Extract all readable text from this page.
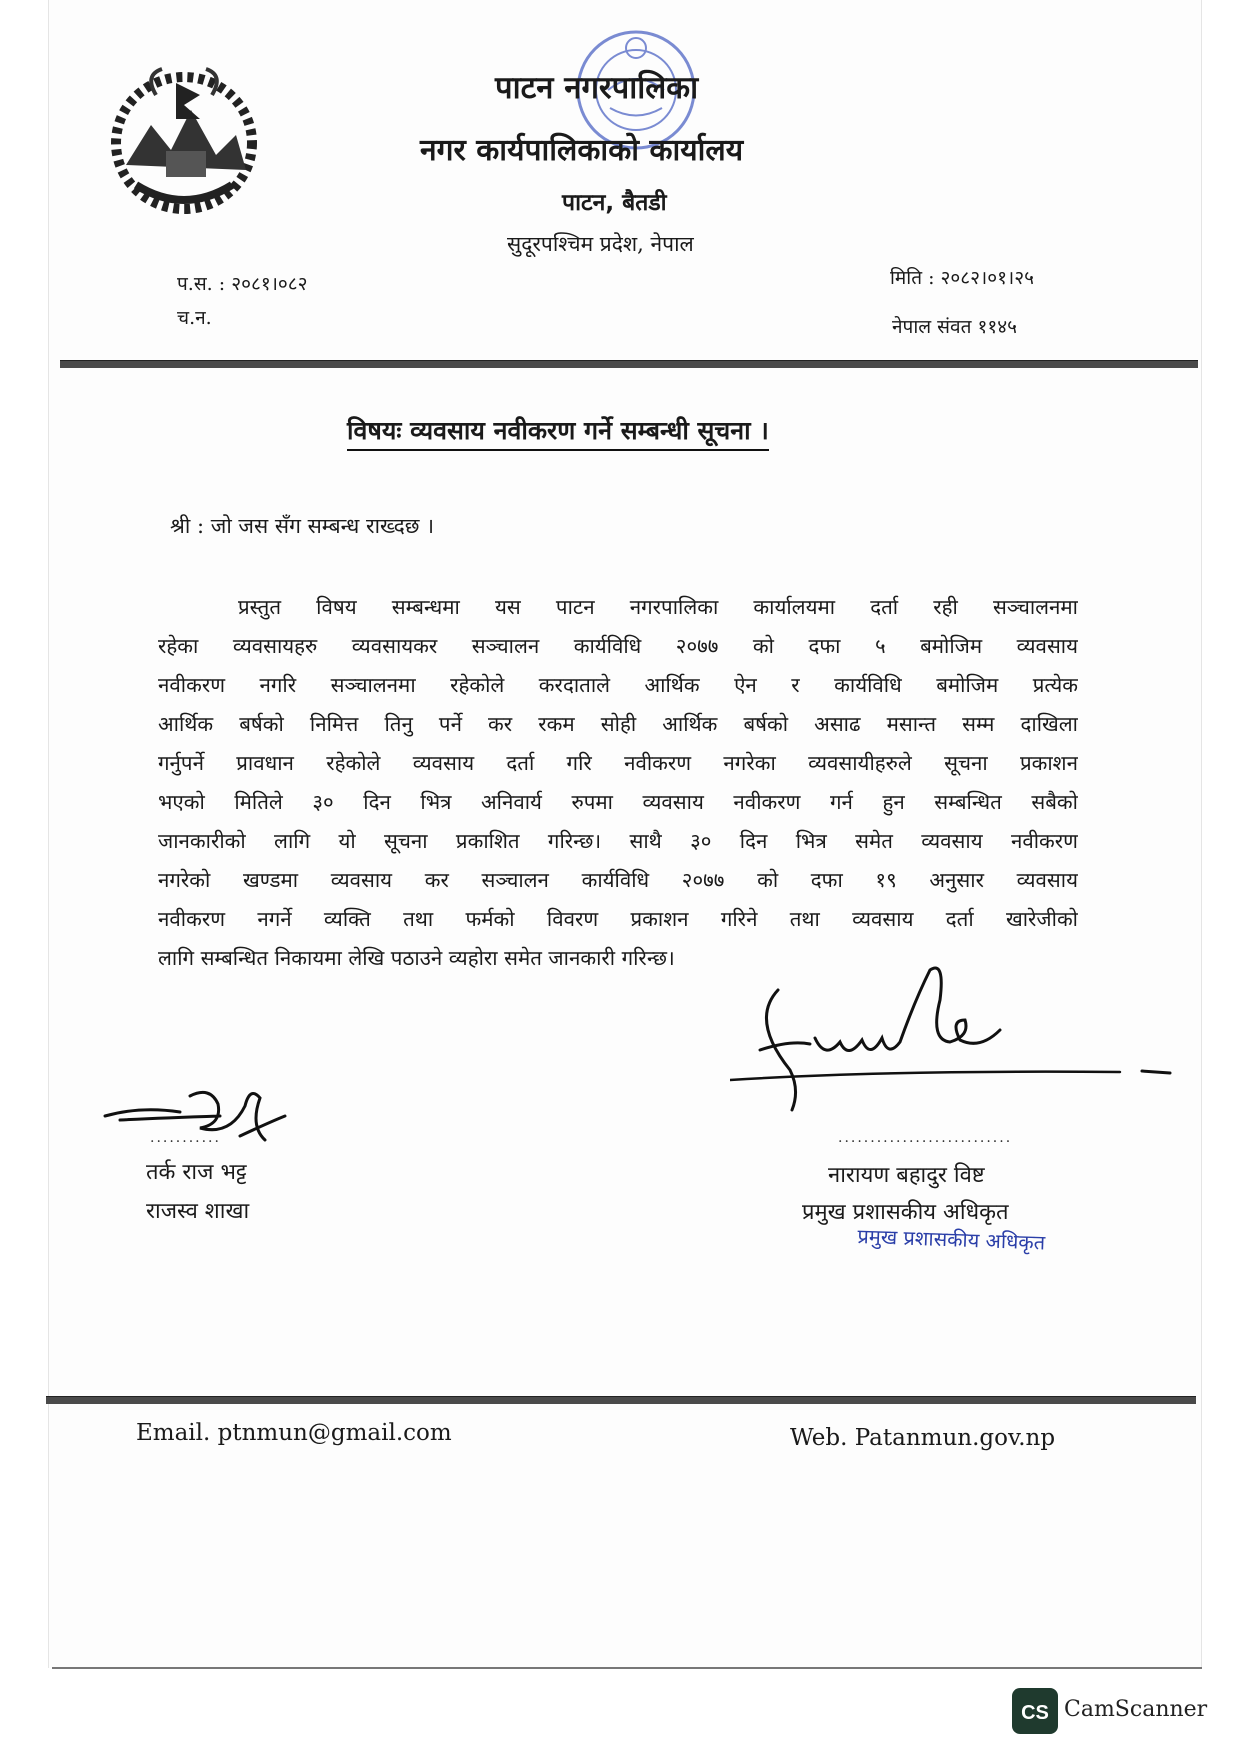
पाटन नगरपालिका
नगर कार्यपालिकाको कार्यालय
पाटन, बैतडी
सुदूरपश्चिम प्रदेश, नेपाल
प.स. : २०८१।०८२
च.न.
मिति : २०८२।०१।२५
नेपाल संवत ११४५
विषयः व्यवसाय नवीकरण गर्ने सम्बन्धी सूचना ।
श्री : जो जस सँग सम्बन्ध राख्दछ ।
प्रस्तुत विषय सम्बन्धमा यस पाटन नगरपालिका कार्यालयमा दर्ता रही सञ्चालनमा
रहेका व्यवसायहरु व्यवसायकर सञ्चालन कार्यविधि २०७७ को दफा ५ बमोजिम व्यवसाय
नवीकरण नगरि सञ्चालनमा रहेकोले करदाताले आर्थिक ऐन र कार्यविधि बमोजिम प्रत्येक
आर्थिक बर्षको निमित्त तिनु पर्ने कर रकम सोही आर्थिक बर्षको असाढ मसान्त सम्म दाखिला
गर्नुपर्ने प्रावधान रहेकोले व्यवसाय दर्ता गरि नवीकरण नगरेका व्यवसायीहरुले सूचना प्रकाशन
भएको मितिले ३० दिन भित्र अनिवार्य रुपमा व्यवसाय नवीकरण गर्न हुन सम्बन्धित सबैको
जानकारीको लागि यो सूचना प्रकाशित गरिन्छ। साथै ३० दिन भित्र समेत व्यवसाय नवीकरण
नगरेको खण्डमा व्यवसाय कर सञ्चालन कार्यविधि २०७७ को दफा १९ अनुसार व्यवसाय
नवीकरण नगर्ने व्यक्ति तथा फर्मको विवरण प्रकाशन गरिने तथा व्यवसाय दर्ता खारेजीको
लागि सम्बन्धित निकायमा लेखि पठाउने व्यहोरा समेत जानकारी गरिन्छ।
...........	...........................
तर्क राज भट्ट
राजस्व शाखा
नारायण बहादुर विष्ट
प्रमुख प्रशासकीय अधिकृत
प्रमुख प्रशासकीय अधिकृत
Email. ptnmun@gmail.com	Web. Patanmun.gov.np
CS CamScanner
